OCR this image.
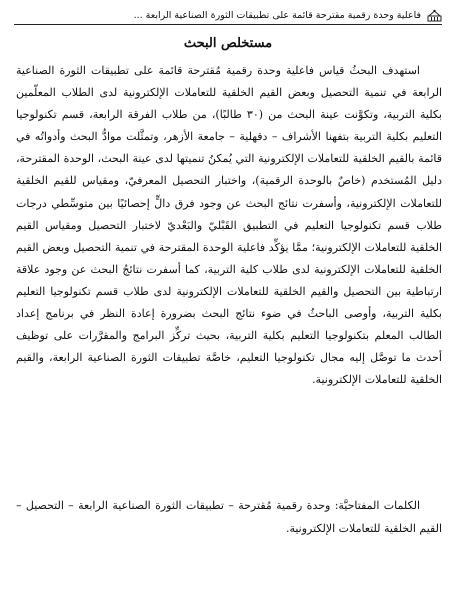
فاعلية وحدة رقمية مقترحة قائمة على تطبيقات الثورة الصناعية الرابعة ...
مستخلص البحث

استهدف البحثُ قياس فاعلية وحدة رقمية مُقترحة قائمة على تطبيقات الثورة الصناعية الرابعة في تنمية التحصيل وبعض القيم الخلقية للتعاملات الإلكترونية لدى الطلاب المعلّمين بكلية التربية، وتكوَّنت عينة البحث من (٣٠ طالبًا)، من طلاب الفرقة الرابعة، قسم تكنولوجيا التعليم بكلية التربية بتفهنا الأشراف – دقهلية – جامعة الأزهر، وتمثَّلت موادُّ البحث وأدواتُه في قائمة بالقيم الخلقية للتعاملات الإلكترونية التي يُمكنُ تنميتها لدى عينة البحث، الوحدة المقترحة، دليل المُستخدم (خاصٌ بالوحدة الرقمية)، واختبار التحصيل المعرفيّ، ومقياس للقيم الخلقية للتعاملات الإلكترونية، وأسفرت نتائج البحث عن وجود فرق دالٍّ إحصائيًا بين متوسِّطي درجات طلاب قسم تكنولوجيا التعليم في التطبيق القَبْليّ والبَعْديّ لاختبار التحصيل ومقياس القيم الخلقية للتعاملات الإلكترونية؛ ممَّا يؤكِّد فاعلية الوحدة المقترحة في تنمية التحصيل وبعض القيم الخلقية للتعاملات الإلكترونية لدى طلاب كلية التربية، كما أسفرت نتائجُ البحث عن وجود علاقة ارتباطية بين التحصيل والقيم الخلقية للتعاملات الإلكترونية لدى طلاب قسم تكنولوجيا التعليم بكلية التربية، وأوصى الباحثُ في ضوء نتائج البحث بضرورة إعادة النظر في برنامج إعداد الطالب المعلم بتكنولوجيا التعليم بكلية التربية، بحيث تركِّز البرامج والمقرَّرات على توظيف أحدث ما توصَّل إليه مجال تكنولوجيا التعليم، خاصَّة تطبيقات الثورة الصناعية الرابعة، والقيم الخلقية للتعاملات الإلكترونية.

الكلمات المفتاحيَّة: وحدة رقمية مُقترحة – تطبيقات الثورة الصناعية الرابعة – التحصيل – القيم الخلقية للتعاملات الإلكترونية.
